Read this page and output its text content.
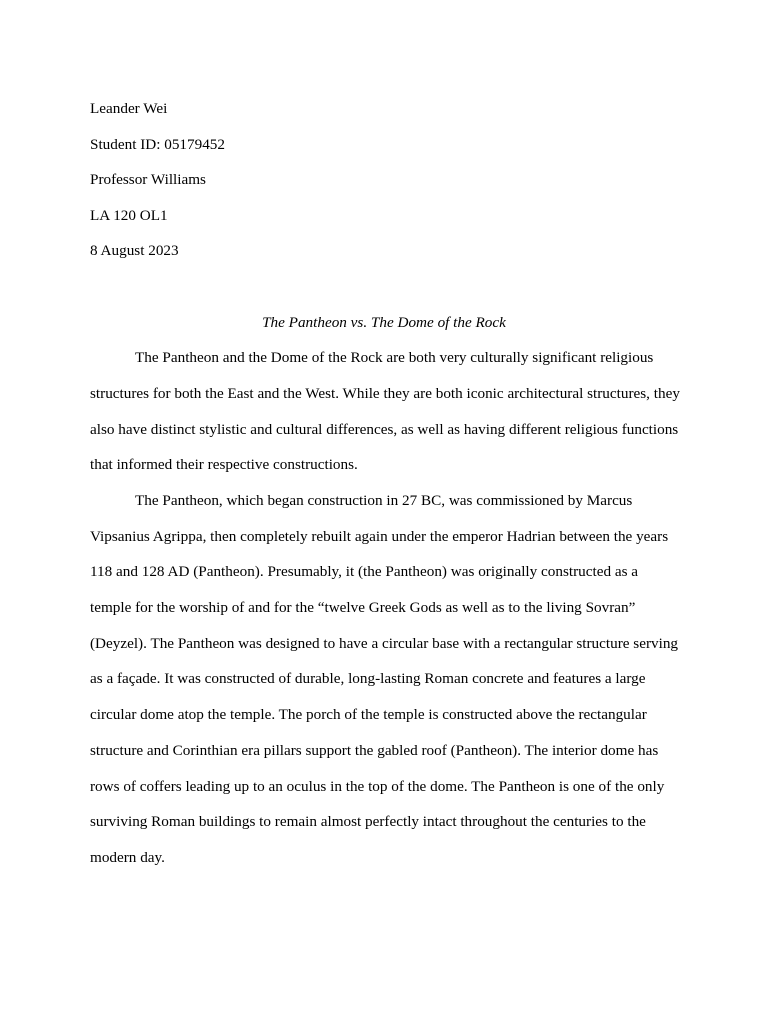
Leander Wei

Student ID: 05179452

Professor Williams

LA 120 OL1

8 August 2023

The Pantheon vs. The Dome of the Rock

The Pantheon and the Dome of the Rock are both very culturally significant religious
structures for both the East and the West. While they are both iconic architectural structures, they
also have distinct stylistic and cultural differences, as well as having different religious functions
that informed their respective constructions.

The Pantheon, which began construction in 27 BC, was commissioned by Marcus
Vipsanius Agrippa, then completely rebuilt again under the emperor Hadrian between the years
118 and 128 AD (Pantheon). Presumably, it (the Pantheon) was originally constructed as a
temple for the worship of and for the “twelve Greek Gods as well as to the living Sovran”
(Deyzel). The Pantheon was designed to have a circular base with a rectangular structure serving
as a façade. It was constructed of durable, long-lasting Roman concrete and features a large
circular dome atop the temple. The porch of the temple is constructed above the rectangular
structure and Corinthian era pillars support the gabled roof (Pantheon). The interior dome has
rows of coffers leading up to an oculus in the top of the dome. The Pantheon is one of the only
surviving Roman buildings to remain almost perfectly intact throughout the centuries to the
modern day.
